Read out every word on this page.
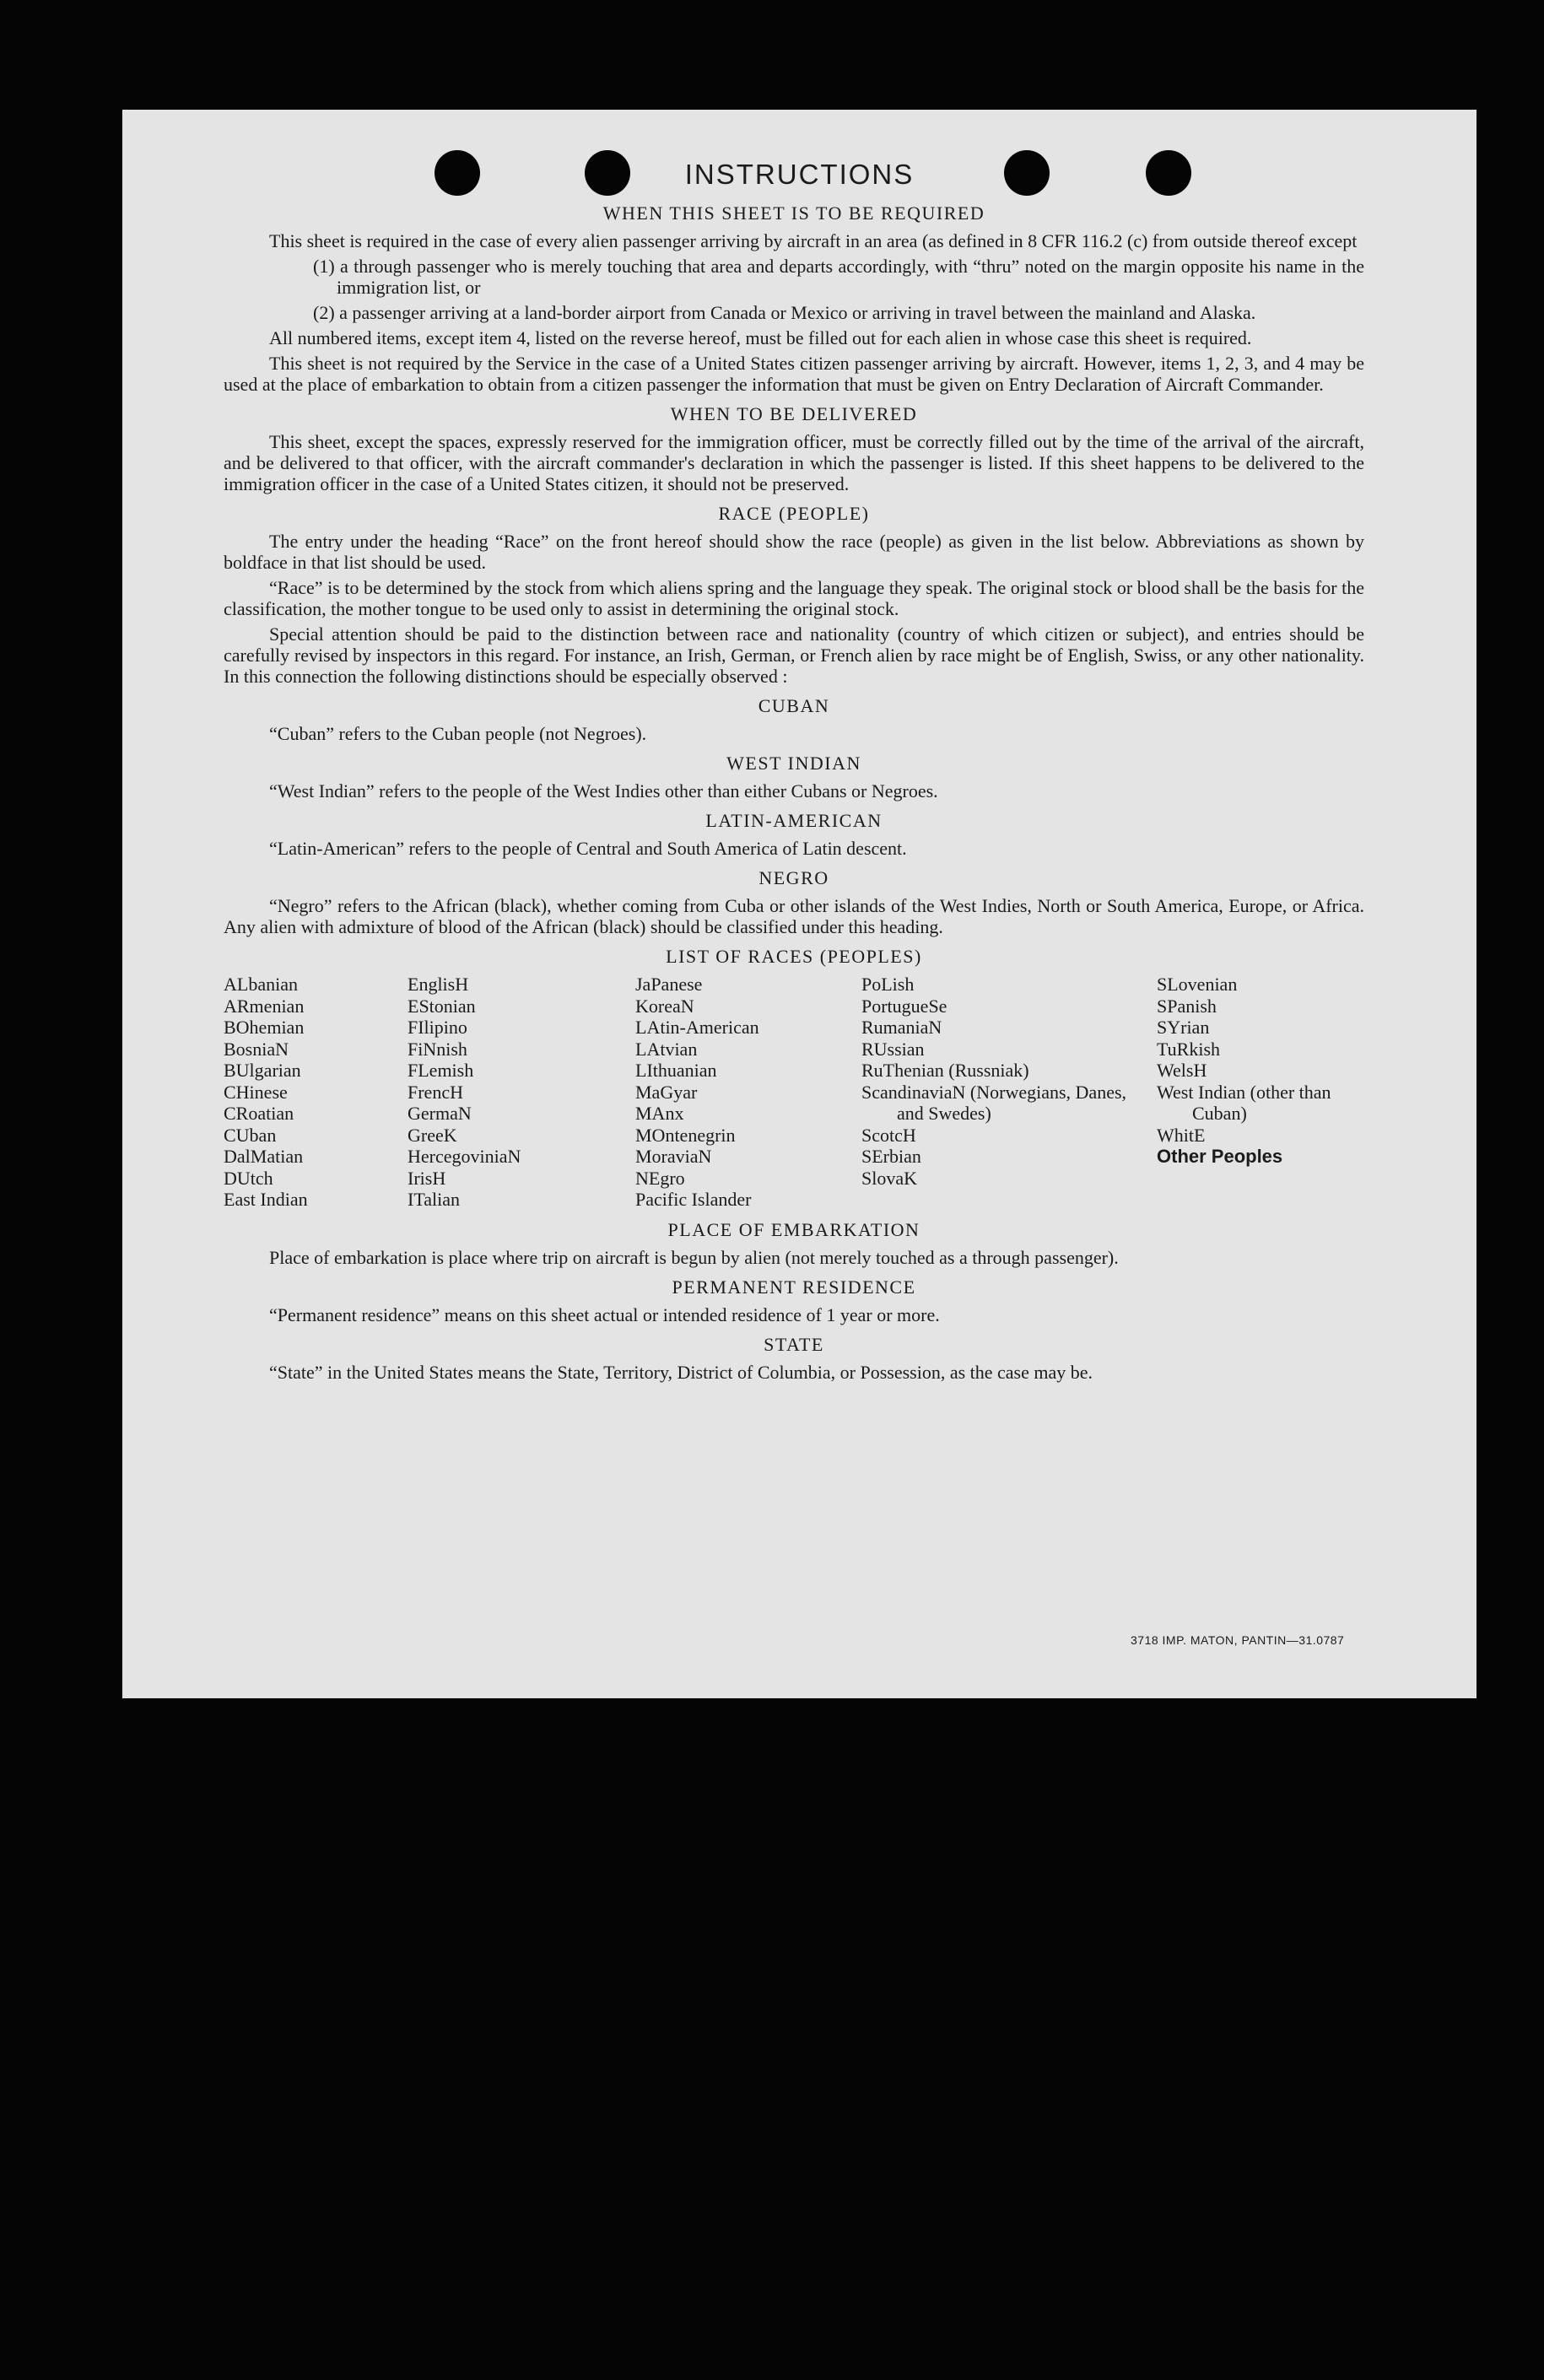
INSTRUCTIONS
WHEN THIS SHEET IS TO BE REQUIRED

This sheet is required in the case of every alien passenger arriving by aircraft in an area (as defined in 8 CFR 116.2 (c) from outside thereof except

(1) a through passenger who is merely touching that area and departs accordingly, with “thru” noted on the margin opposite his name in the immigration list, or

(2) a passenger arriving at a land-border airport from Canada or Mexico or arriving in travel between the mainland and Alaska.

All numbered items, except item 4, listed on the reverse hereof, must be filled out for each alien in whose case this sheet is required.

This sheet is not required by the Service in the case of a United States citizen passenger arriving by aircraft. However, items 1, 2, 3, and 4 may be used at the place of embarkation to obtain from a citizen passenger the information that must be given on Entry Declaration of Aircraft Commander.

WHEN TO BE DELIVERED

This sheet, except the spaces, expressly reserved for the immigration officer, must be correctly filled out by the time of the arrival of the aircraft, and be delivered to that officer, with the aircraft commander's declaration in which the passenger is listed. If this sheet happens to be delivered to the immigration officer in the case of a United States citizen, it should not be preserved.

RACE (PEOPLE)

The entry under the heading “Race” on the front hereof should show the race (people) as given in the list below. Abbreviations as shown by boldface in that list should be used.

“Race” is to be determined by the stock from which aliens spring and the language they speak. The original stock or blood shall be the basis for the classification, the mother tongue to be used only to assist in determining the original stock.

Special attention should be paid to the distinction between race and nationality (country of which citizen or subject), and entries should be carefully revised by inspectors in this regard. For instance, an Irish, German, or French alien by race might be of English, Swiss, or any other nationality. In this connection the following distinctions should be especially observed :

CUBAN

“Cuban” refers to the Cuban people (not Negroes).

WEST INDIAN

“West Indian” refers to the people of the West Indies other than either Cubans or Negroes.

LATIN-AMERICAN

“Latin-American” refers to the people of Central and South America of Latin descent.

NEGRO

“Negro” refers to the African (black), whether coming from Cuba or other islands of the West Indies, North or South America, Europe, or Africa. Any alien with admixture of blood of the African (black) should be classified under this heading.

LIST OF RACES (PEOPLES)
ALbanian
ARmenian
BOhemian
BosniaN
BUlgarian
CHinese
CRoatian
CUban
DalMatian
DUtch
East Indian
EnglisH
EStonian
FIlipino
FiNnish
FLemish
FrencH
GermaN
GreeK
HercegoviniaN
IrisH
ITalian
JaPanese
KoreaN
LAtin-American
LAtvian
LIthuanian
MaGyar
MAnx
MOntenegrin
MoraviaN
NEgro
Pacific Islander
PoLish
PortugueSe
RumaniaN
RUssian
RuThenian (Russniak)
ScandinaviaN (Norwegians, Danes, and Swedes)
ScotcH
SErbian
SlovaK
SLovenian
SPanish
SYrian
TuRkish
WelsH
West Indian (other than Cuban)
WhitE
Other Peoples
PLACE OF EMBARKATION

Place of embarkation is place where trip on aircraft is begun by alien (not merely touched as a through passenger).

PERMANENT RESIDENCE

“Permanent residence” means on this sheet actual or intended residence of 1 year or more.

STATE

“State” in the United States means the State, Territory, District of Columbia, or Possession, as the case may be.

3718 IMP. MATON, PANTIN—31.0787
